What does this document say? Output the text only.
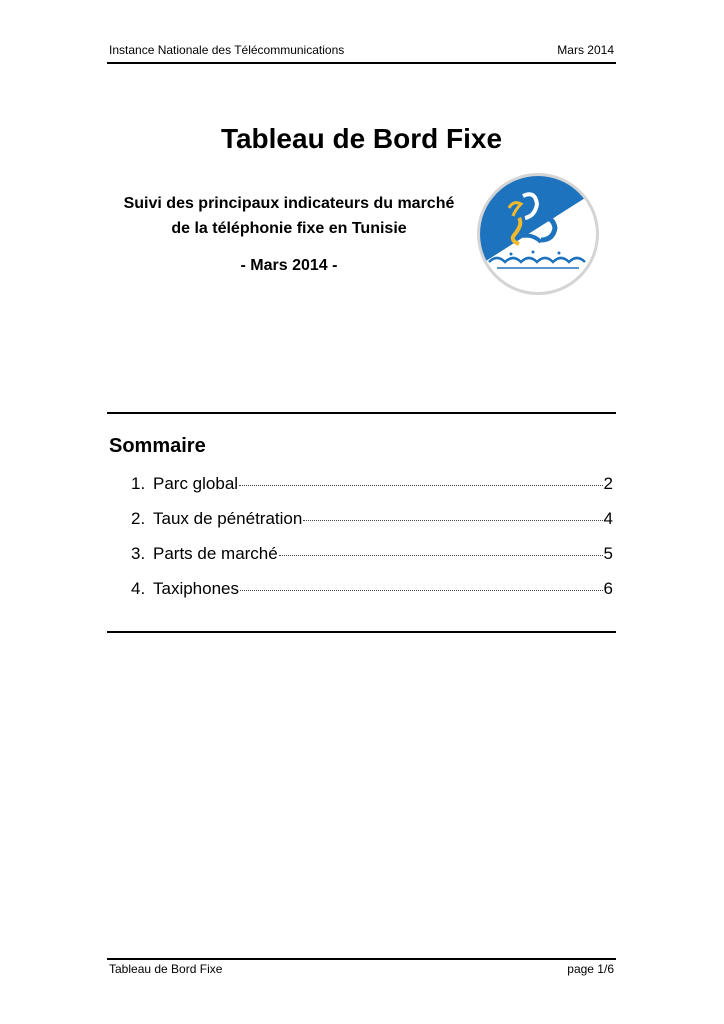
Instance Nationale des Télécommunications	Mars 2014
Tableau de Bord Fixe
Suivi des principaux indicateurs du marché
de la téléphonie fixe en Tunisie
- Mars 2014 -
Sommaire
1. Parc global	2
2. Taux de pénétration	4
3. Parts de marché	5
4. Taxiphones	6
Tableau de Bord Fixe	page 1/6
